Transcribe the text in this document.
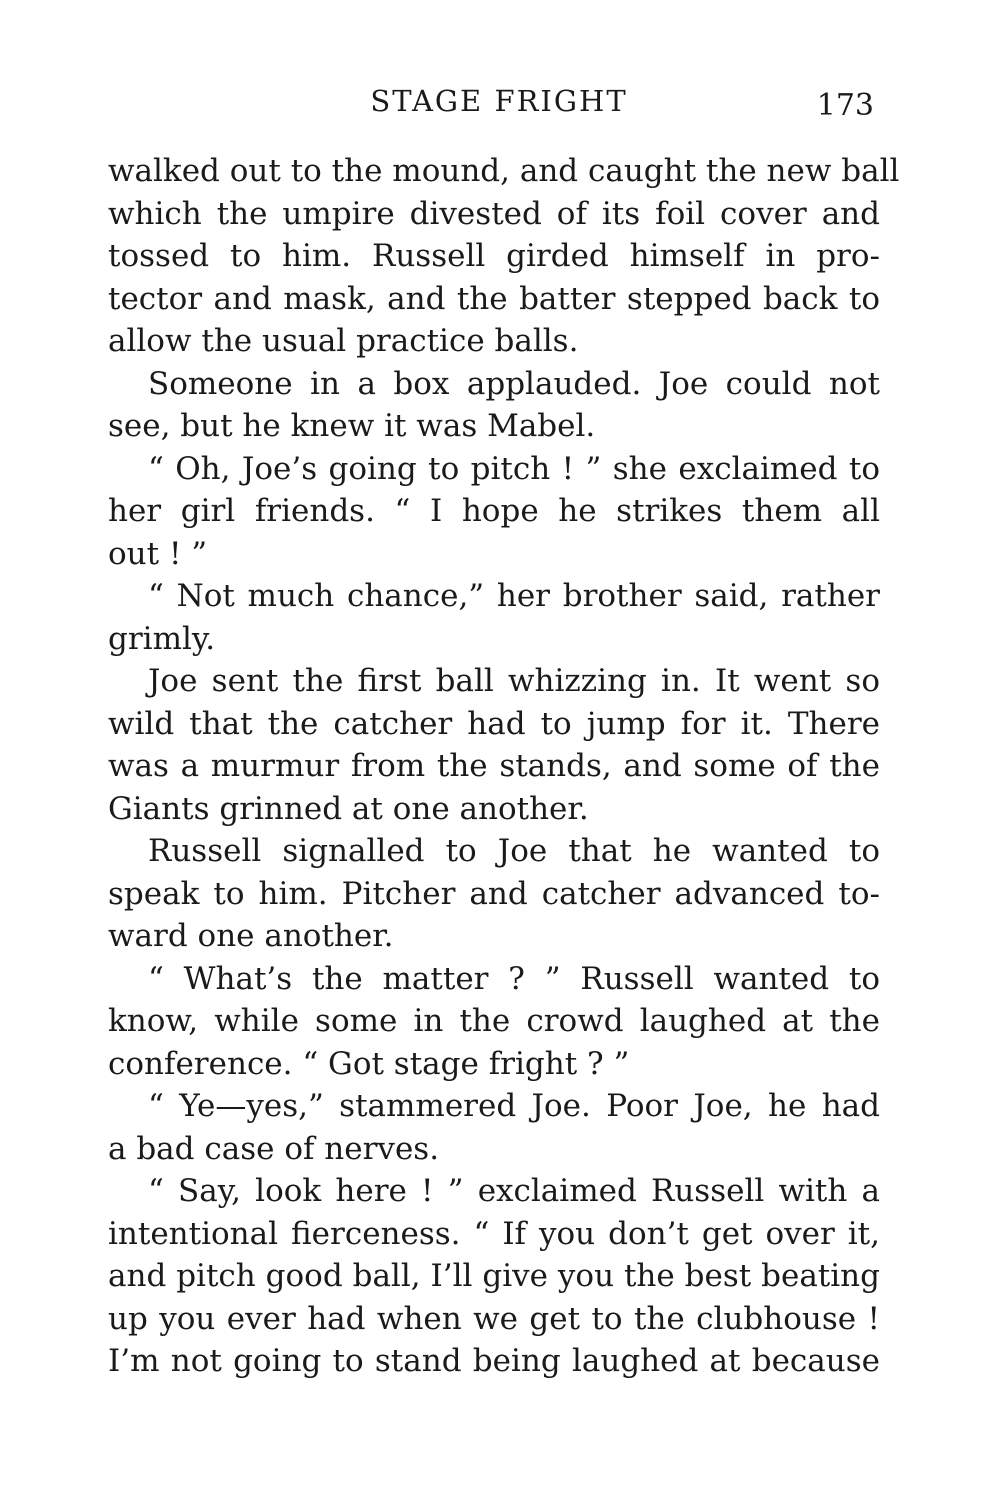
STAGE FRIGHT	173
walked out to the mound, and caught the new ball
which the umpire divested of its foil cover and
tossed to him. Russell girded himself in pro-
tector and mask, and the batter stepped back to
allow the usual practice balls.
Someone in a box applauded. Joe could not
see, but he knew it was Mabel.
“ Oh, Joe’s going to pitch ! ” she exclaimed to
her girl friends. “ I hope he strikes them all
out ! ”
“ Not much chance,” her brother said, rather
grimly.
Joe sent the first ball whizzing in. It went so
wild that the catcher had to jump for it. There
was a murmur from the stands, and some of the
Giants grinned at one another.
Russell signalled to Joe that he wanted to
speak to him. Pitcher and catcher advanced to-
ward one another.
“ What’s the matter ? ” Russell wanted to
know, while some in the crowd laughed at the
conference. “ Got stage fright ? ”
“ Ye—yes,” stammered Joe. Poor Joe, he had
a bad case of nerves.
“ Say, look here ! ” exclaimed Russell with a
intentional fierceness. “ If you don’t get over it,
and pitch good ball, I’ll give you the best beating
up you ever had when we get to the clubhouse !
I’m not going to stand being laughed at because
